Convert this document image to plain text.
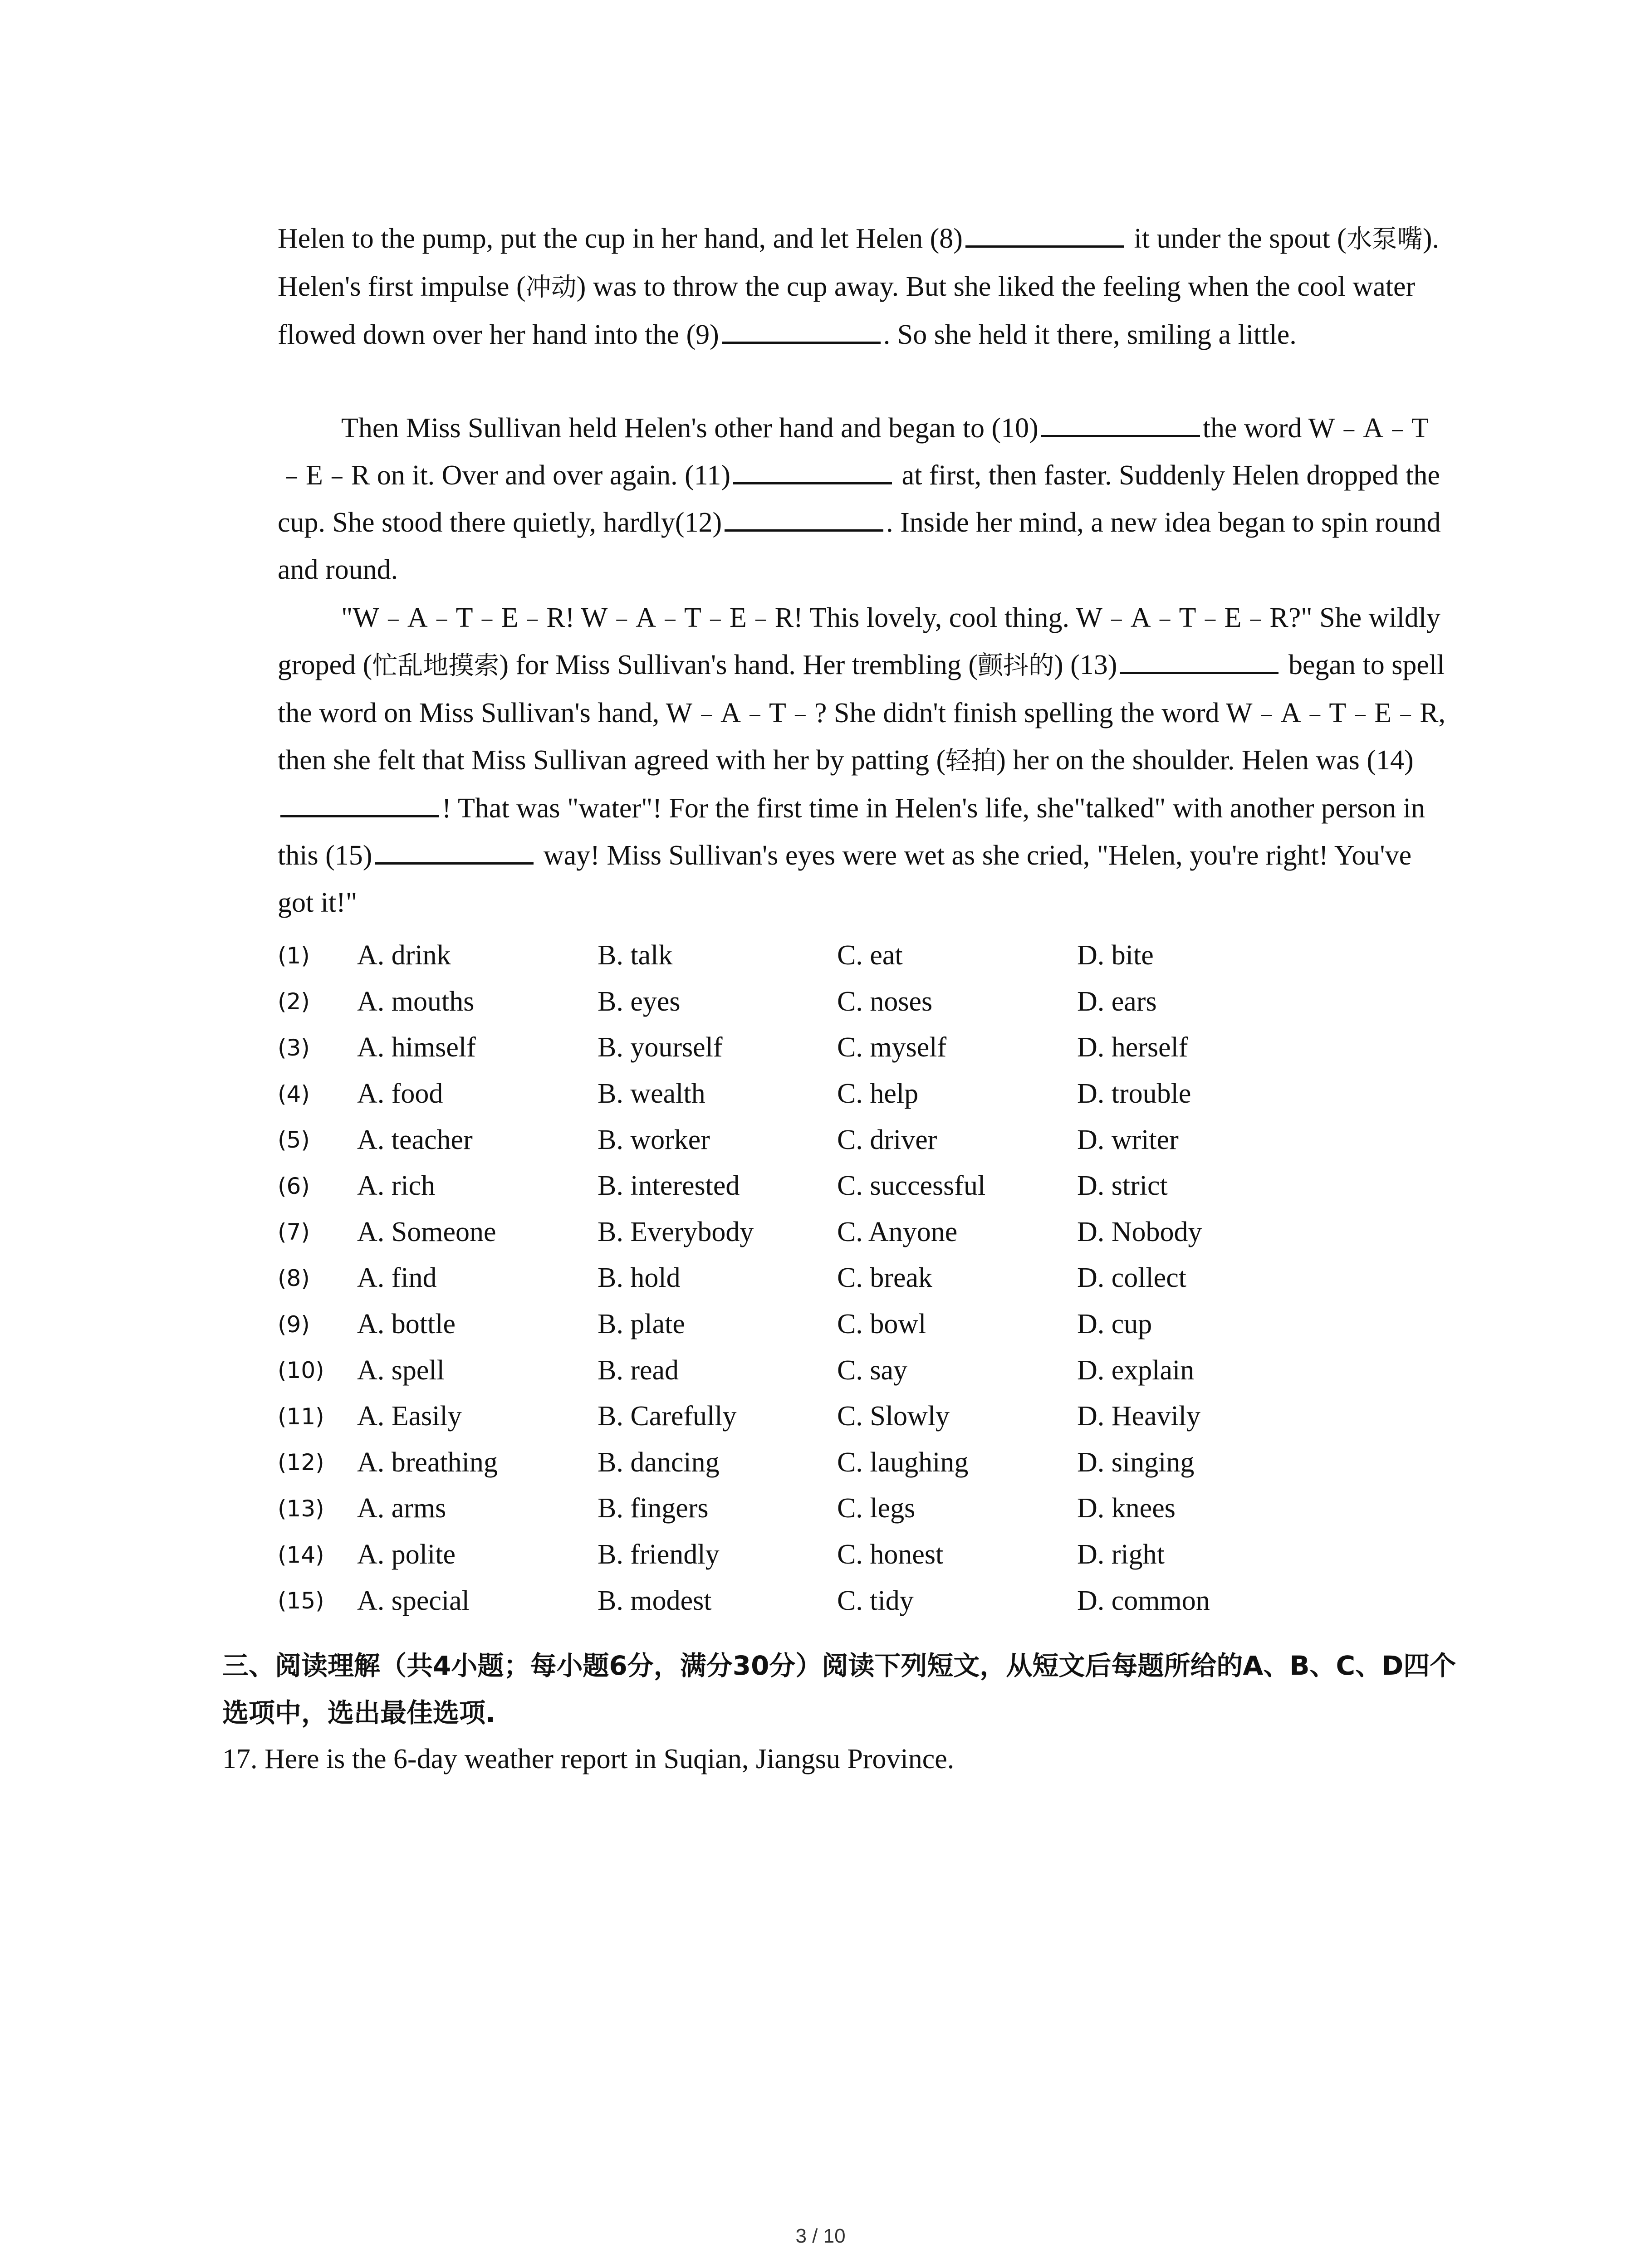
Helen to the pump, put the cup in her hand, and let Helen (8)	it under the spout (水泵嘴). Helen's first impulse (冲动) was to throw the cup away. But she liked the feeling when the cool water flowed down over her hand into the (9)	. So she held it there, smiling a little.

Then Miss Sullivan held Helen's other hand and began to (10)	the word W﹣A﹣T﹣E﹣R on it. Over and over again. (11)	at first, then faster. Suddenly Helen dropped the cup. She stood there quietly, hardly(12)	. Inside her mind, a new idea began to spin round and round.

"W﹣A﹣T﹣E﹣R! W﹣A﹣T﹣E﹣R! This lovely, cool thing. W﹣A﹣T﹣E﹣R?" She wildly groped (忙乱地摸索) for Miss Sullivan's hand. Her trembling (颤抖的) (13)	began to spell the word on Miss Sullivan's hand, W﹣A﹣T﹣? She didn't finish spelling the word W﹣A﹣T﹣E﹣R, then she felt that Miss Sullivan agreed with her by patting (轻拍) her on the shoulder. Helen was (14)! That was "water"! For the first time in Helen's life, she"talked" with another person in this (15)	way! Miss Sullivan's eyes were wet as she cried, "Helen, you're right! You've got it!"

(1)	A. drink	B. talk	C. eat	D. bite
(2)	A. mouths	B. eyes	C. noses	D. ears
(3)	A. himself	B. yourself	C. myself	D. herself
(4)	A. food	B. wealth	C. help	D. trouble
(5)	A. teacher	B. worker	C. driver	D. writer
(6)	A. rich	B. interested	C. successful	D. strict
(7)	A. Someone	B. Everybody	C. Anyone	D. Nobody
(8)	A. find	B. hold	C. break	D. collect
(9)	A. bottle	B. plate	C. bowl	D. cup
(10)	A. spell	B. read	C. say	D. explain
(11)	A. Easily	B. Carefully	C. Slowly	D. Heavily
(12)	A. breathing	B. dancing	C. laughing	D. singing
(13)	A. arms	B. fingers	C. legs	D. knees
(14)	A. polite	B. friendly	C. honest	D. right
(15)	A. special	B. modest	C. tidy	D. common
三、阅读理解（共4小题；每小题6分，满分30分）阅读下列短文，从短文后每题所给的A、B、C、D四个选项中，选出最佳选项.
17. Here is the 6-day weather report in Suqian, Jiangsu Province.
3 / 10
